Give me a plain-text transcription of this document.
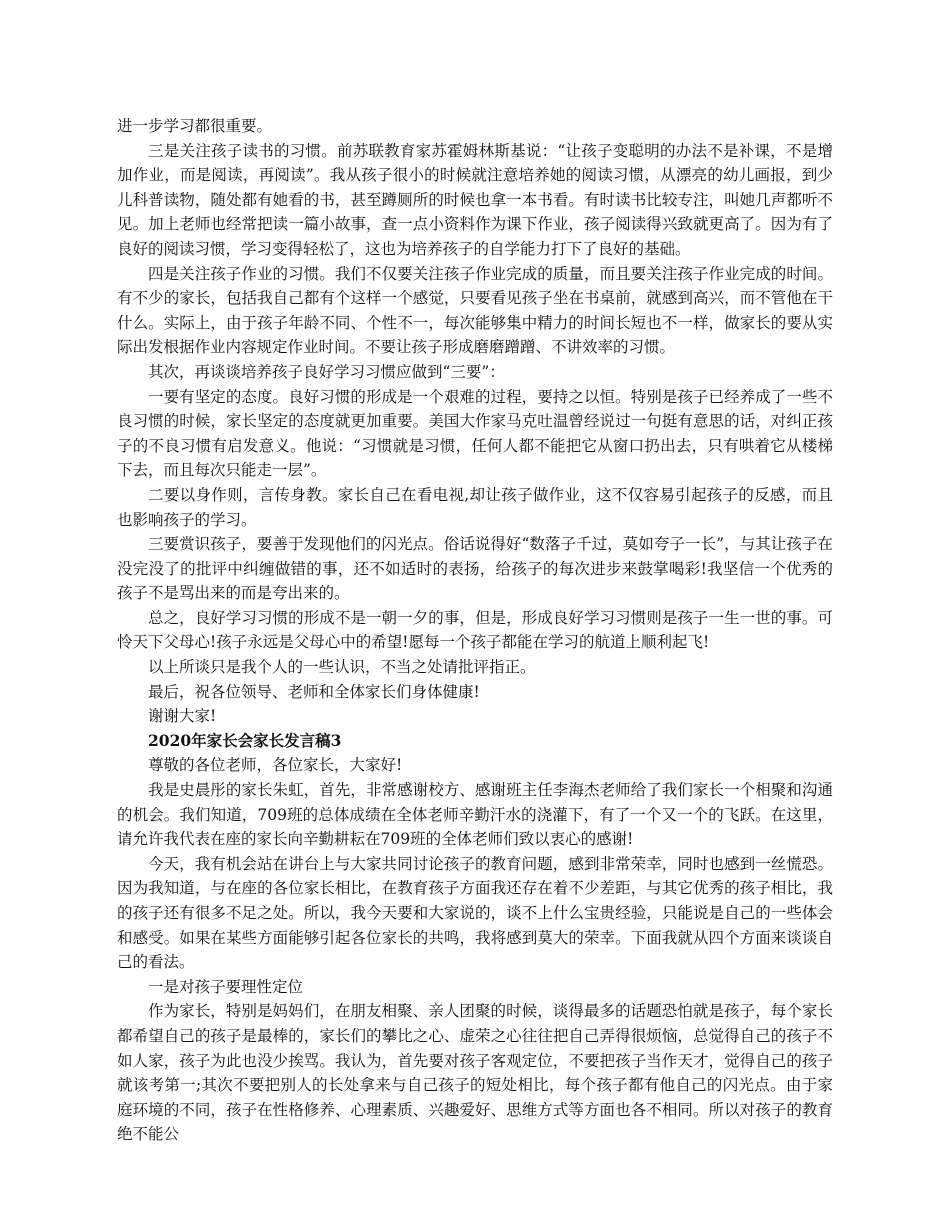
进一步学习都很重要。

三是关注孩子读书的习惯。前苏联教育家苏霍姆林斯基说：“让孩子变聪明的办法不是补课，不是增加作业，而是阅读，再阅读”。我从孩子很小的时候就注意培养她的阅读习惯，从漂亮的幼儿画报，到少儿科普读物，随处都有她看的书，甚至蹲厕所的时候也拿一本书看。有时读书比较专注，叫她几声都听不见。加上老师也经常把读一篇小故事，查一点小资料作为课下作业，孩子阅读得兴致就更高了。因为有了良好的阅读习惯，学习变得轻松了，这也为培养孩子的自学能力打下了良好的基础。

四是关注孩子作业的习惯。我们不仅要关注孩子作业完成的质量，而且要关注孩子作业完成的时间。有不少的家长，包括我自己都有个这样一个感觉，只要看见孩子坐在书桌前，就感到高兴，而不管他在干什么。实际上，由于孩子年龄不同、个性不一，每次能够集中精力的时间长短也不一样，做家长的要从实际出发根据作业内容规定作业时间。不要让孩子形成磨磨蹭蹭、不讲效率的习惯。

其次，再谈谈培养孩子良好学习习惯应做到“三要”：

一要有坚定的态度。良好习惯的形成是一个艰难的过程，要持之以恒。特别是孩子已经养成了一些不良习惯的时候，家长坚定的态度就更加重要。美国大作家马克吐温曾经说过一句挺有意思的话，对纠正孩子的不良习惯有启发意义。他说：“习惯就是习惯，任何人都不能把它从窗口扔出去，只有哄着它从楼梯下去，而且每次只能走一层”。

二要以身作则，言传身教。家长自己在看电视,却让孩子做作业，这不仅容易引起孩子的反感，而且也影响孩子的学习。

三要赏识孩子，要善于发现他们的闪光点。俗话说得好“数落子千过，莫如夸子一长”，与其让孩子在没完没了的批评中纠缠做错的事，还不如适时的表扬，给孩子的每次进步来鼓掌喝彩!我坚信一个优秀的孩子不是骂出来的而是夸出来的。

总之，良好学习习惯的形成不是一朝一夕的事，但是，形成良好学习习惯则是孩子一生一世的事。可怜天下父母心!孩子永远是父母心中的希望!愿每一个孩子都能在学习的航道上顺利起飞!

以上所谈只是我个人的一些认识，不当之处请批评指正。

最后，祝各位领导、老师和全体家长们身体健康!

谢谢大家!

2020年家长会家长发言稿3

尊敬的各位老师，各位家长，大家好!

我是史晨彤的家长朱虹，首先，非常感谢校方、感谢班主任李海杰老师给了我们家长一个相聚和沟通的机会。我们知道，709班的总体成绩在全体老师辛勤汗水的浇灌下，有了一个又一个的飞跃。在这里，请允许我代表在座的家长向辛勤耕耘在709班的全体老师们致以衷心的感谢!

今天，我有机会站在讲台上与大家共同讨论孩子的教育问题，感到非常荣幸，同时也感到一丝慌恐。因为我知道，与在座的各位家长相比，在教育孩子方面我还存在着不少差距，与其它优秀的孩子相比，我的孩子还有很多不足之处。所以，我今天要和大家说的，谈不上什么宝贵经验，只能说是自己的一些体会和感受。如果在某些方面能够引起各位家长的共鸣，我将感到莫大的荣幸。下面我就从四个方面来谈谈自己的看法。

一是对孩子要理性定位

作为家长，特别是妈妈们，在朋友相聚、亲人团聚的时候，谈得最多的话题恐怕就是孩子，每个家长都希望自己的孩子是最棒的，家长们的攀比之心、虚荣之心往往把自己弄得很烦恼，总觉得自己的孩子不如人家，孩子为此也没少挨骂。我认为，首先要对孩子客观定位，不要把孩子当作天才，觉得自己的孩子就该考第一;其次不要把别人的长处拿来与自己孩子的短处相比，每个孩子都有他自己的闪光点。由于家庭环境的不同，孩子在性格修养、心理素质、兴趣爱好、思维方式等方面也各不相同。所以对孩子的教育绝不能公
